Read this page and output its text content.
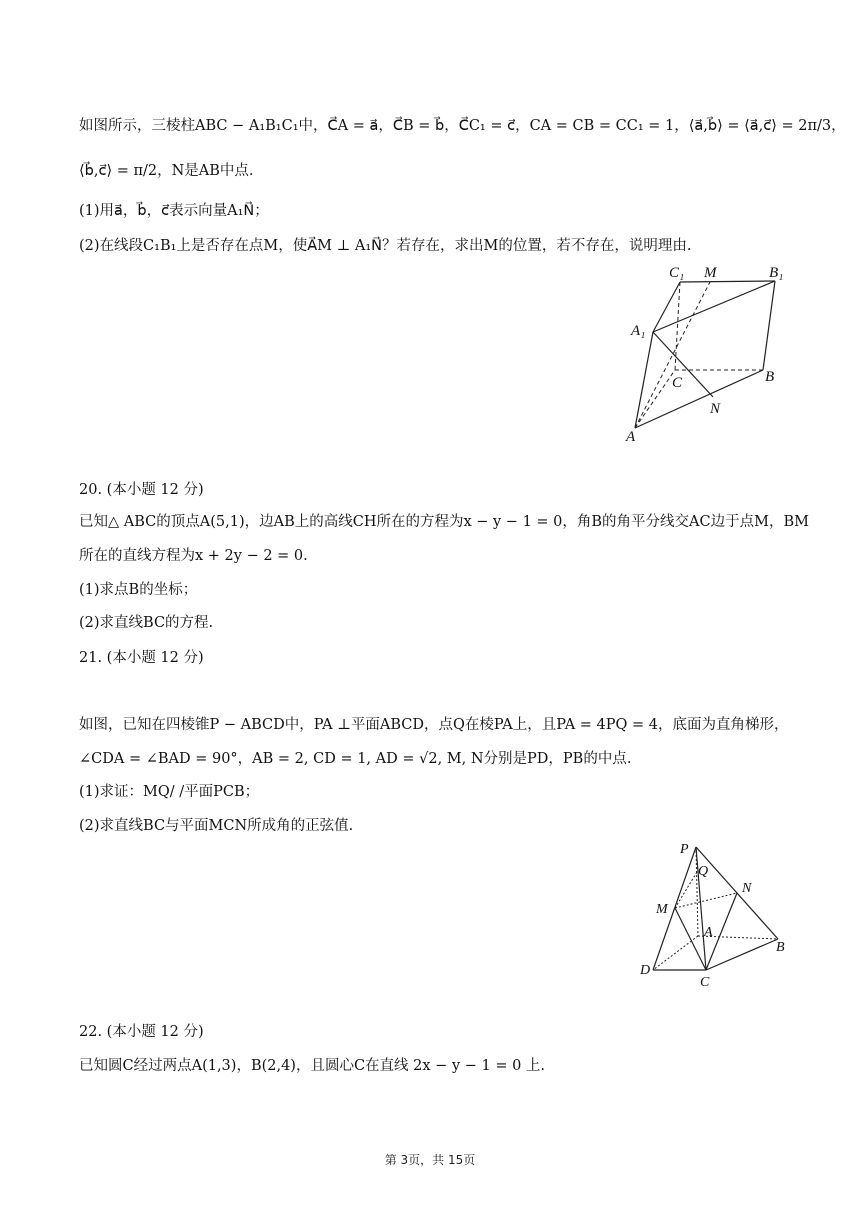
如图所示，三棱柱ABC − A₁B₁C₁中，C⃗A = a⃗，C⃗B = b⃗，C⃗C₁ = c⃗，CA = CB = CC₁ = 1，⟨a⃗,b⃗⟩ = ⟨a⃗,c⃗⟩ = 2π/3，
⟨b⃗,c⃗⟩ = π/2，N是AB中点.
(1)用a⃗，b⃗，c⃗表示向量A₁N⃗；
(2)在线段C₁B₁上是否存在点M，使A⃗M ⊥ A₁N⃗？若存在，求出M的位置，若不存在，说明理由.
C₁ M	B₁
A₁
C	B
N
A
20. (本小题 12 分)
已知△ ABC的顶点A(5,1)，边AB上的高线CH所在的方程为x − y − 1 = 0，角B的角平分线交AC边于点M，BM
所在的直线方程为x + 2y − 2 = 0.
(1)求点B的坐标；
(2)求直线BC的方程.
21. (本小题 12 分)
如图，已知在四棱锥P − ABCD中，PA ⊥平面ABCD，点Q在棱PA上，且PA = 4PQ = 4，底面为直角梯形，
∠CDA = ∠BAD = 90°，AB = 2, CD = 1, AD = √2, M, N分别是PD，PB的中点.
(1)求证：MQ/ /平面PCB；
(2)求直线BC与平面MCN所成角的正弦值.
P
Q
N
M
A
B
D
C
22. (本小题 12 分)
已知圆C经过两点A(1,3)，B(2,4)，且圆心C在直线 2x − y − 1 = 0 上.
第 3页，共 15页
